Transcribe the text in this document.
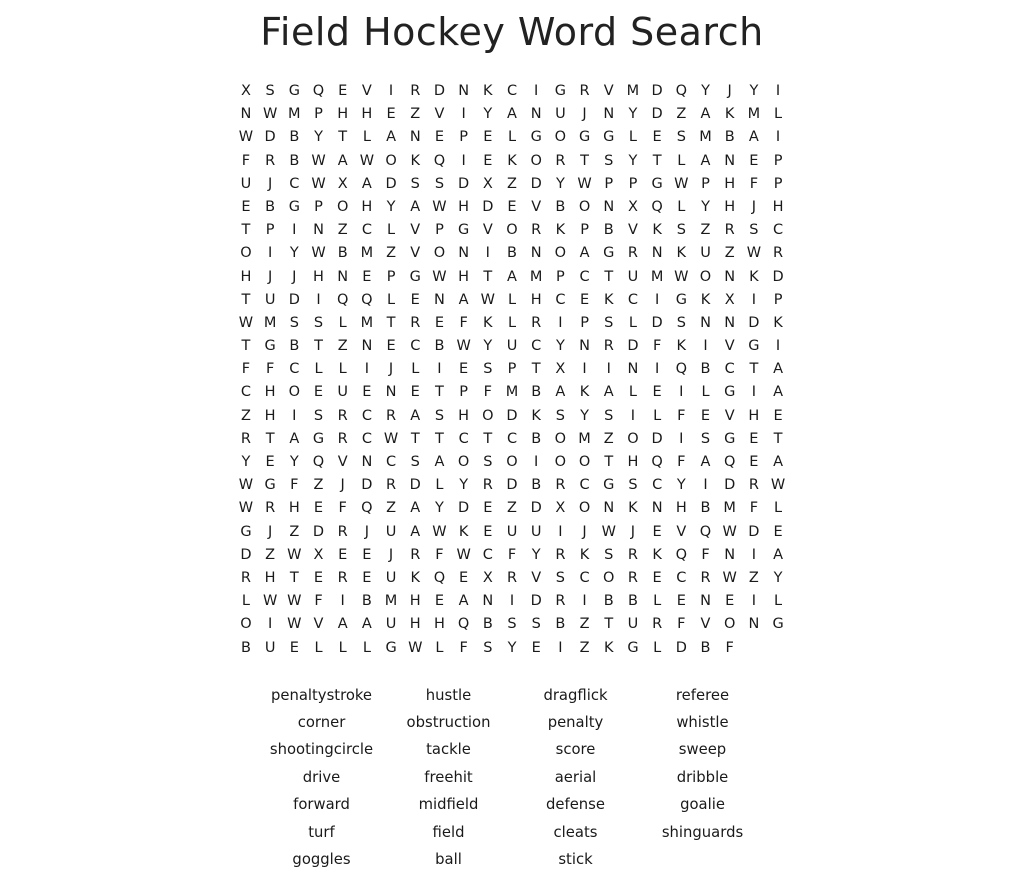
Field Hockey Word Search
X	S G Q E	V	I	R D N K C	I	G R V M D Q Y	J	Y	I
N W M P H H E	Z V	I	Y	A N U	J	N Y D Z A K M L
W D B	Y	T	L	A N E	P	E	L	G O G G	L	E	S M B A	I
F	R B W A W O K Q	I	E	K O R	T	S	Y	T	L	A N E	P
U	J	C W X A D S	S D X Z D Y W P	P G W P H	F	P
E	B G P O H Y	A W H D E	V B O N X Q L	Y H	J	H
T	P	I	N Z C	L	V	P G V O R K	P	B V K	S	Z R	S	C
O	I	Y W B M Z V O N	I	B N O A G R N K U Z W R
H	J	J	H N E	P G W H T	A M P	C	T U M W O N K D
T U D	I	Q Q L	E N A W L	H C	E	K C	I	G K X	I	P
W M S	S	L M T	R	E	F	K	L	R	I	P	S	L	D S N N D K
T G B	T	Z N E	C B W Y U C	Y N R D F	K	I	V G	I
F	F	C	L	L	I	J	L	I	E	S	P	T	X	I	I	N	I	Q B C	T	A
C H O E U E N E	T	P	F M B A K A	L	E	I	L	G	I	A
Z H	I	S	R C R A	S H O D K	S	Y	S	I	L	F	E	V H E
R	T	A G R C W T	T	C	T	C B O M Z O D	I	S G E	T
Y	E	Y Q V N C	S	A O S O	I	O O T H Q F	A Q E	A
W G F	Z	J	D R D	L	Y	R D B R C G S	C	Y	I	D R W
W R H E	F Q Z A	Y D E	Z D X O N K N H B M F	L
G	J	Z D R	J	U A W K	E U U	I	J	W	J	E	V Q W D E
D Z W X	E	E	J	R	F W C	F	Y	R K	S	R K Q F	N	I	A
R H T	E	R	E U K Q E	X R V	S	C O R	E	C R W Z	Y
L W W F	I	B M H E	A N	I	D R	I	B B	L	E N E	I	L
O	I	W V A A U H H Q B	S	S	B Z	T U R	F	V O N G
B U E	L	L	L	G W L	F	S	Y	E	I	Z K G	L	D B	F
penaltystroke	hustle	dragflick	referee
corner	obstruction	penalty	whistle
shootingcircle	tackle	score	sweep
drive	freehit	aerial	dribble
forward	midfield	defense	goalie
turf	field	cleats	shinguards
goggles	ball	stick
